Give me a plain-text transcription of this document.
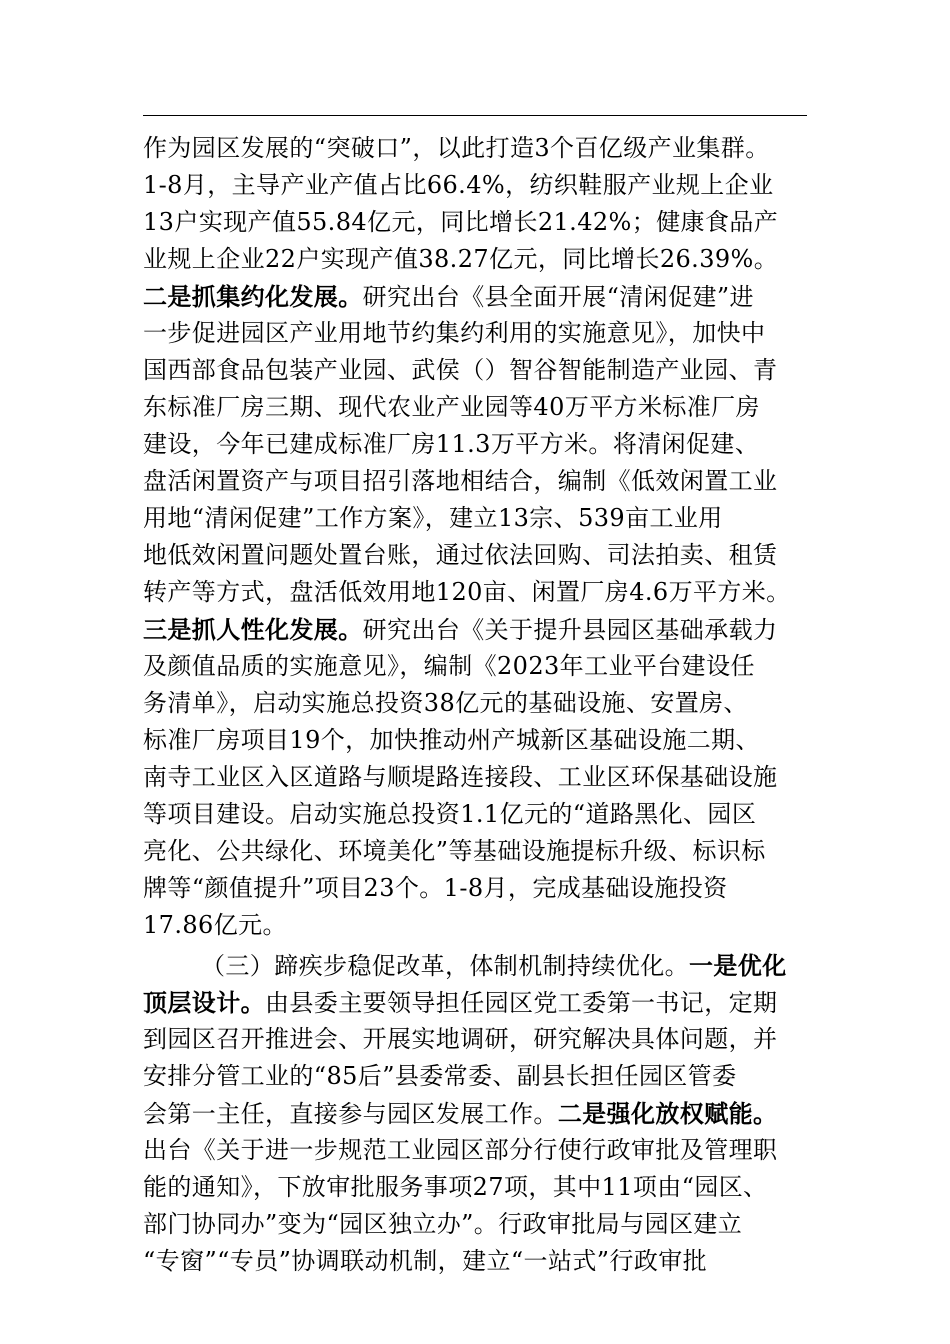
作为园区发展的“突破口”，以此打造3个百亿级产业集群。
1-8月，主导产业产值占比66.4%，纺织鞋服产业规上企业
13户实现产值55.84亿元，同比增长21.42%；健康食品产
业规上企业22户实现产值38.27亿元，同比增长26.39%。
二是抓集约化发展。研究出台《县全面开展“清闲促建”进
一步促进园区产业用地节约集约利用的实施意见》，加快中
国西部食品包装产业园、武侯（）智谷智能制造产业园、青
东标准厂房三期、现代农业产业园等40万平方米标准厂房
建设，今年已建成标准厂房11.3万平方米。将清闲促建、
盘活闲置资产与项目招引落地相结合，编制《低效闲置工业
用地“清闲促建”工作方案》，建立13宗、539亩工业用
地低效闲置问题处置台账，通过依法回购、司法拍卖、租赁
转产等方式，盘活低效用地120亩、闲置厂房4.6万平方米。
三是抓人性化发展。研究出台《关于提升县园区基础承载力
及颜值品质的实施意见》，编制《2023年工业平台建设任
务清单》，启动实施总投资38亿元的基础设施、安置房、
标准厂房项目19个，加快推动州产城新区基础设施二期、
南寺工业区入区道路与顺堤路连接段、工业区环保基础设施
等项目建设。启动实施总投资1.1亿元的“道路黑化、园区
亮化、公共绿化、环境美化”等基础设施提标升级、标识标
牌等“颜值提升”项目23个。1-8月，完成基础设施投资
17.86亿元。
（三）蹄疾步稳促改革，体制机制持续优化。一是优化
顶层设计。由县委主要领导担任园区党工委第一书记，定期
到园区召开推进会、开展实地调研，研究解决具体问题，并
安排分管工业的“85后”县委常委、副县长担任园区管委
会第一主任，直接参与园区发展工作。二是强化放权赋能。
出台《关于进一步规范工业园区部分行使行政审批及管理职
能的通知》，下放审批服务事项27项，其中11项由“园区、
部门协同办”变为“园区独立办”。行政审批局与园区建立
“专窗”“专员”协调联动机制，建立“一站式”行政审批
